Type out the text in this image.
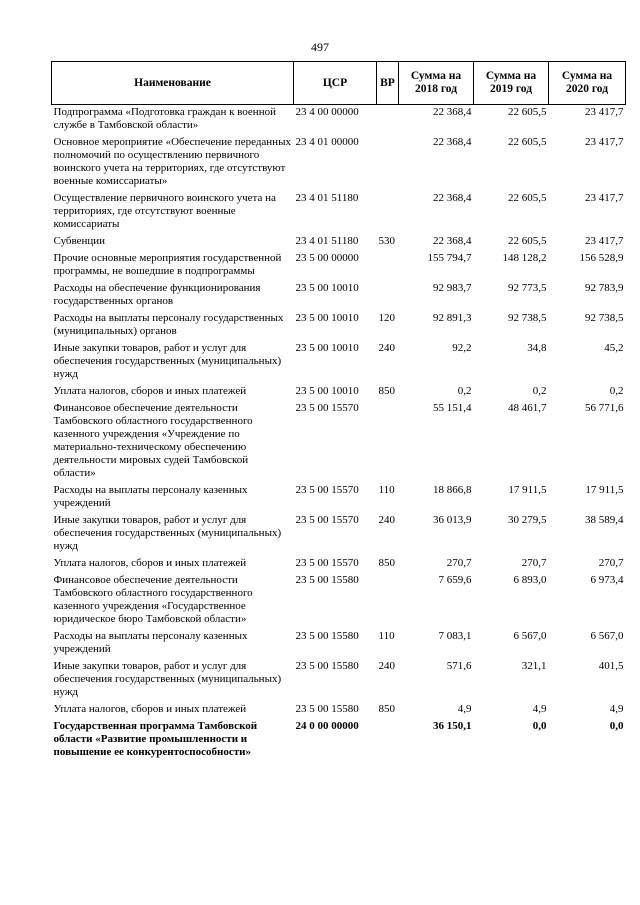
497
Наименование	ЦСР	ВР	Сумма на 2018 год	Сумма на 2019 год	Сумма на 2020 год
Подпрограмма «Подготовка граждан к военной службе в Тамбовской области»	23 4 00 00000		22 368,4	22 605,5	23 417,7
Основное мероприятие «Обеспечение переданных полномочий по осуществлению первичного воинского учета на территориях, где отсутствуют военные комиссариаты»	23 4 01 00000		22 368,4	22 605,5	23 417,7
Осуществление первичного воинского учета на территориях, где отсутствуют военные комиссариаты	23 4 01 51180		22 368,4	22 605,5	23 417,7
Субвенции	23 4 01 51180	530	22 368,4	22 605,5	23 417,7
Прочие основные мероприятия государственной программы, не вошедшие в подпрограммы	23 5 00 00000		155 794,7	148 128,2	156 528,9
Расходы на обеспечение функционирования государственных органов	23 5 00 10010		92 983,7	92 773,5	92 783,9
Расходы на выплаты персоналу государственных (муниципальных) органов	23 5 00 10010	120	92 891,3	92 738,5	92 738,5
Иные закупки товаров, работ и услуг для обеспечения государственных (муниципальных) нужд	23 5 00 10010	240	92,2	34,8	45,2
Уплата налогов, сборов и иных платежей	23 5 00 10010	850	0,2	0,2	0,2
Финансовое обеспечение деятельности Тамбовского областного государственного казенного учреждения «Учреждение по материально-техническому обеспечению деятельности мировых судей Тамбовской области»	23 5 00 15570		55 151,4	48 461,7	56 771,6
Расходы на выплаты персоналу казенных учреждений	23 5 00 15570	110	18 866,8	17 911,5	17 911,5
Иные закупки товаров, работ и услуг для обеспечения государственных (муниципальных) нужд	23 5 00 15570	240	36 013,9	30 279,5	38 589,4
Уплата налогов, сборов и иных платежей	23 5 00 15570	850	270,7	270,7	270,7
Финансовое обеспечение деятельности Тамбовского областного государственного казенного учреждения «Государственное юридическое бюро Тамбовской области»	23 5 00 15580		7 659,6	6 893,0	6 973,4
Расходы на выплаты персоналу казенных учреждений	23 5 00 15580	110	7 083,1	6 567,0	6 567,0
Иные закупки товаров, работ и услуг для обеспечения государственных (муниципальных) нужд	23 5 00 15580	240	571,6	321,1	401,5
Уплата налогов, сборов и иных платежей	23 5 00 15580	850	4,9	4,9	4,9
Государственная программа Тамбовской области «Развитие промышленности и повышение ее конкурентоспособности»	24 0 00 00000		36 150,1	0,0	0,0
